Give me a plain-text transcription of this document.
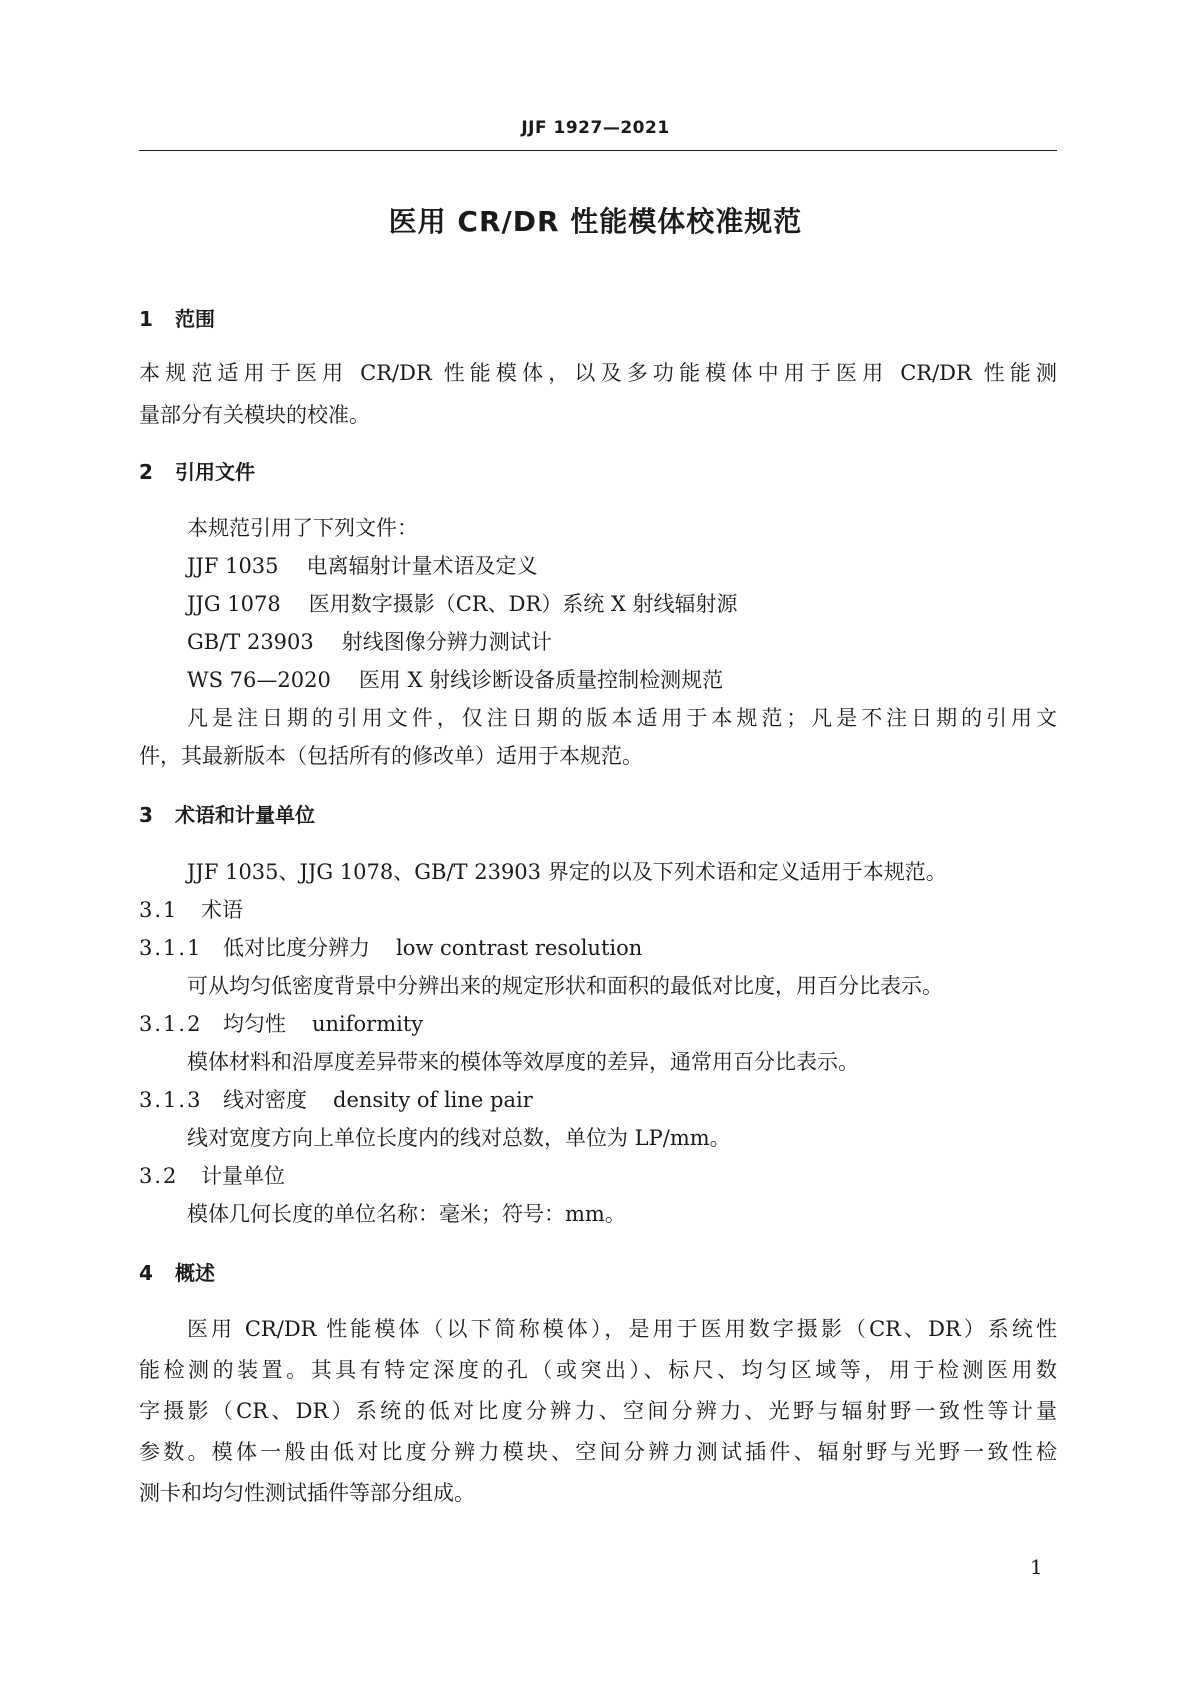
JJF 1927—2021
医用 CR/DR 性能模体校准规范
1 范围
本规范适用于医用 CR/DR 性能模体，以及多功能模体中用于医用 CR/DR 性能测
量部分有关模块的校准。
2 引用文件
本规范引用了下列文件：
JJF 1035 电离辐射计量术语及定义
JJG 1078 医用数字摄影（CR、DR）系统 X 射线辐射源
GB/T 23903 射线图像分辨力测试计
WS 76—2020 医用 X 射线诊断设备质量控制检测规范
凡是注日期的引用文件，仅注日期的版本适用于本规范；凡是不注日期的引用文
件，其最新版本（包括所有的修改单）适用于本规范。
3 术语和计量单位
JJF 1035、JJG 1078、GB/T 23903 界定的以及下列术语和定义适用于本规范。
3.1 术语
3.1.1 低对比度分辨力 low contrast resolution
可从均匀低密度背景中分辨出来的规定形状和面积的最低对比度，用百分比表示。
3.1.2 均匀性 uniformity
模体材料和沿厚度差异带来的模体等效厚度的差异，通常用百分比表示。
3.1.3 线对密度 density of line pair
线对宽度方向上单位长度内的线对总数，单位为 LP/mm。
3.2 计量单位
模体几何长度的单位名称：毫米；符号：mm。
4 概述
医用 CR/DR 性能模体（以下简称模体），是用于医用数字摄影（CR、DR）系统性
能检测的装置。其具有特定深度的孔（或突出）、标尺、均匀区域等，用于检测医用数
字摄影（CR、DR）系统的低对比度分辨力、空间分辨力、光野与辐射野一致性等计量
参数。模体一般由低对比度分辨力模块、空间分辨力测试插件、辐射野与光野一致性检
测卡和均匀性测试插件等部分组成。
1
